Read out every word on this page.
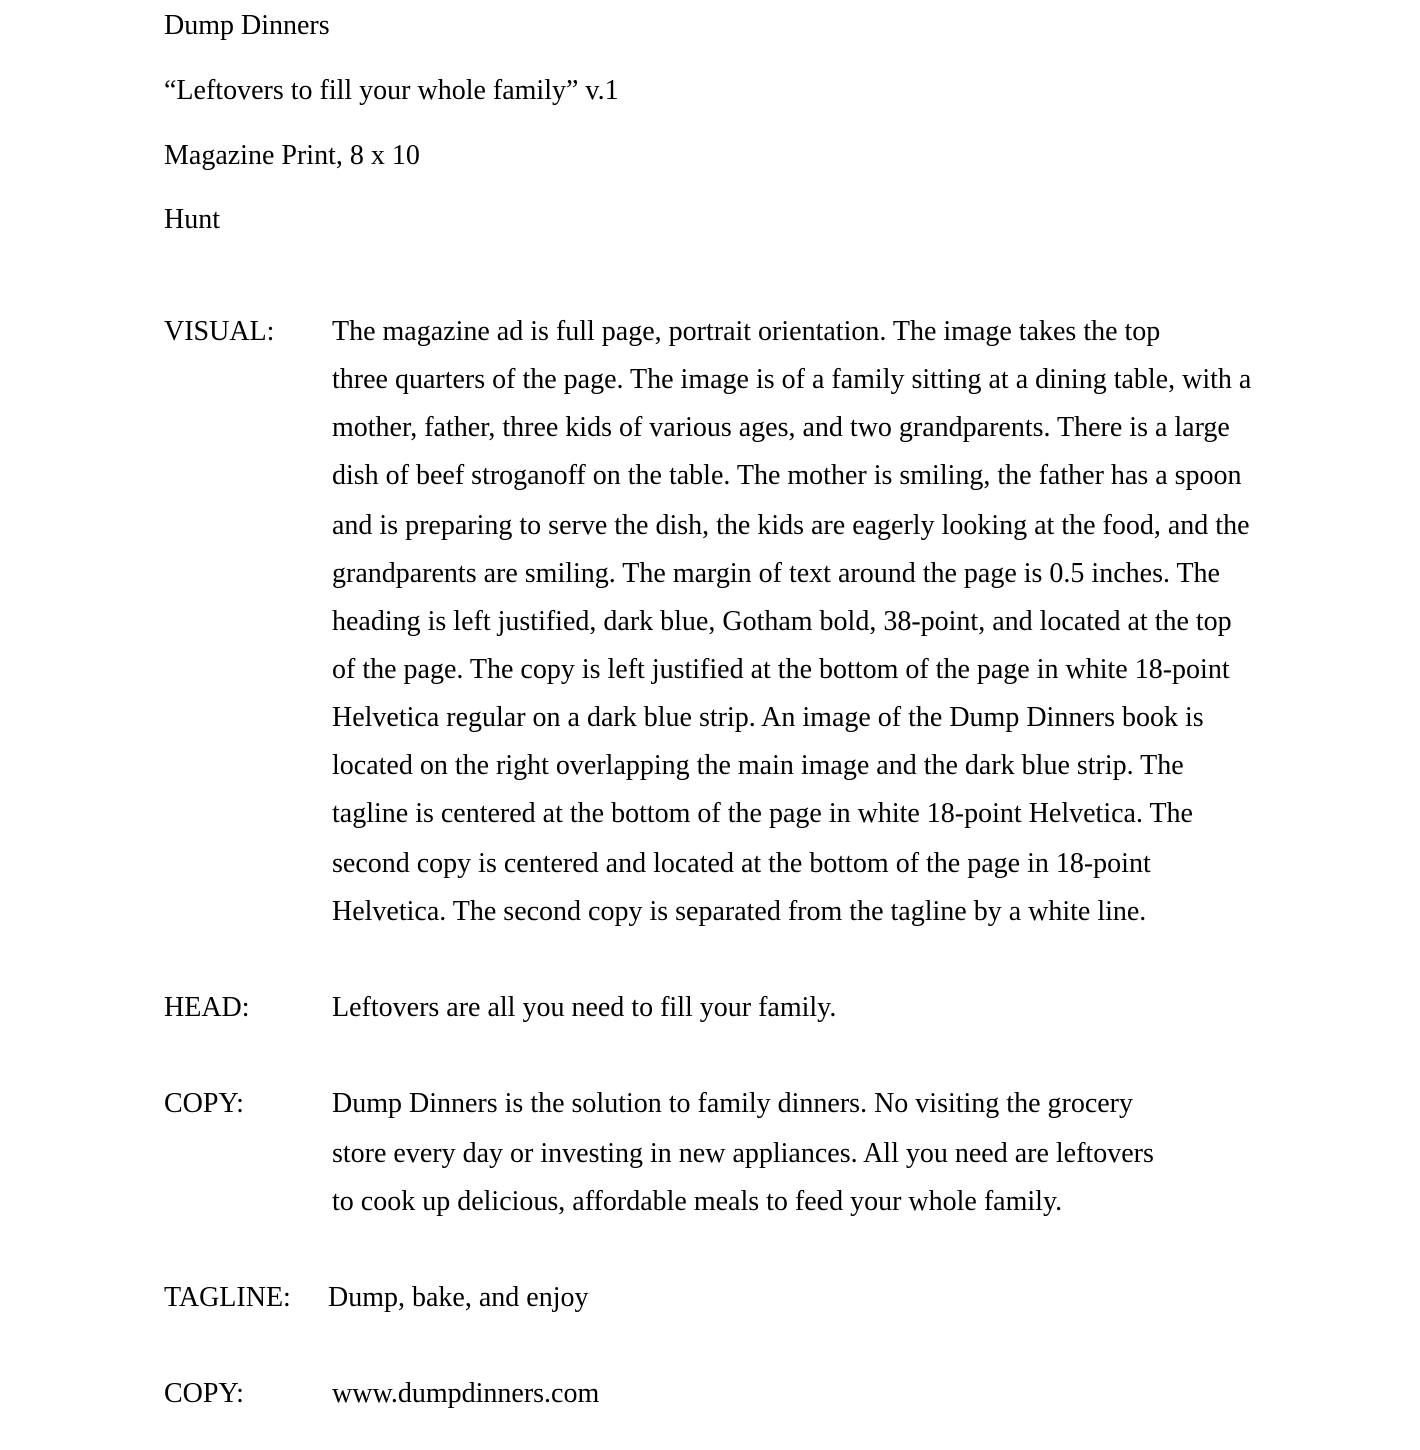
Dump Dinners
“Leftovers to fill your whole family” v.1
Magazine Print, 8 x 10
Hunt
VISUAL: The magazine ad is full page, portrait orientation. The image takes the top
three quarters of the page. The image is of a family sitting at a dining table, with a
mother, father, three kids of various ages, and two grandparents. There is a large
dish of beef stroganoff on the table. The mother is smiling, the father has a spoon
and is preparing to serve the dish, the kids are eagerly looking at the food, and the
grandparents are smiling. The margin of text around the page is 0.5 inches. The
heading is left justified, dark blue, Gotham bold, 38-point, and located at the top
of the page. The copy is left justified at the bottom of the page in white 18-point
Helvetica regular on a dark blue strip. An image of the Dump Dinners book is
located on the right overlapping the main image and the dark blue strip. The
tagline is centered at the bottom of the page in white 18-point Helvetica. The
second copy is centered and located at the bottom of the page in 18-point
Helvetica. The second copy is separated from the tagline by a white line.
HEAD:	Leftovers are all you need to fill your family.
COPY:	Dump Dinners is the solution to family dinners. No visiting the grocery
store every day or investing in new appliances. All you need are leftovers
to cook up delicious, affordable meals to feed your whole family.
TAGLINE: Dump, bake, and enjoy
COPY:	www.dumpdinners.com
